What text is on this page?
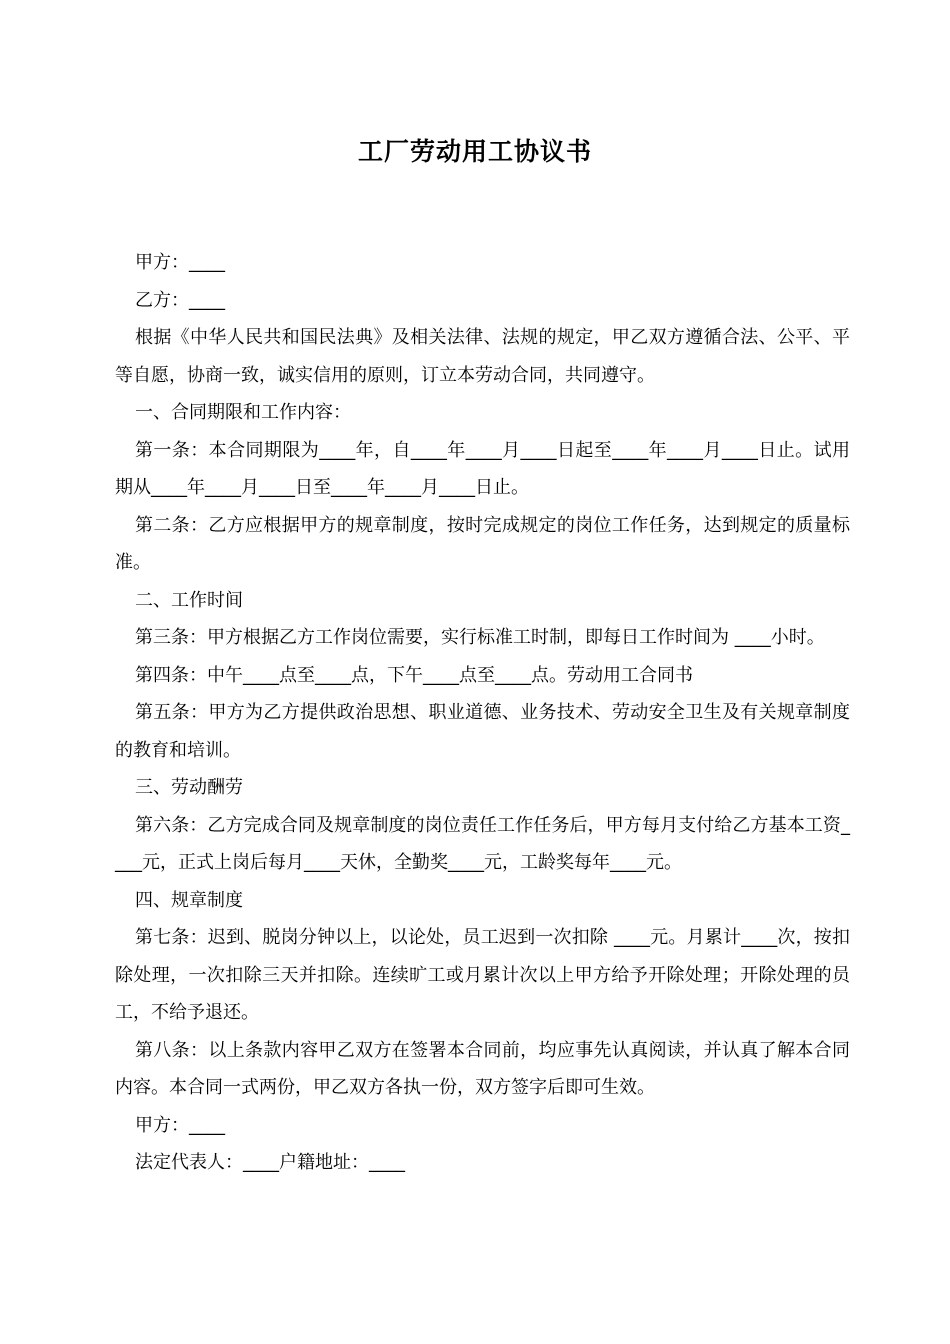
工厂劳动用工协议书

甲方：____

乙方：____

根据《中华人民共和国民法典》及相关法律、法规的规定，甲乙双方遵循合法、公平、平等自愿，协商一致，诚实信用的原则，订立本劳动合同，共同遵守。

一、合同期限和工作内容：

第一条：本合同期限为____年，自____年____月____日起至____年____月____日止。试用期从____年____月____日至____年____月____日止。

第二条：乙方应根据甲方的规章制度，按时完成规定的岗位工作任务，达到规定的质量标准。

二、工作时间

第三条：甲方根据乙方工作岗位需要，实行标准工时制，即每日工作时间为 ____小时。

第四条：中午____点至____点，下午____点至____点。劳动用工合同书

第五条：甲方为乙方提供政治思想、职业道德、业务技术、劳动安全卫生及有关规章制度的教育和培训。

三、劳动酬劳

第六条：乙方完成合同及规章制度的岗位责任工作任务后，甲方每月支付给乙方基本工资____元，正式上岗后每月____天休，全勤奖____元，工龄奖每年____元。

四、规章制度

第七条：迟到、脱岗分钟以上，以论处，员工迟到一次扣除 ____元。月累计____次，按扣除处理，一次扣除三天并扣除。连续旷工或月累计次以上甲方给予开除处理；开除处理的员工，不给予退还。

第八条：以上条款内容甲乙双方在签署本合同前，均应事先认真阅读，并认真了解本合同内容。本合同一式两份，甲乙双方各执一份，双方签字后即可生效。

甲方：____

法定代表人：____户籍地址：____
